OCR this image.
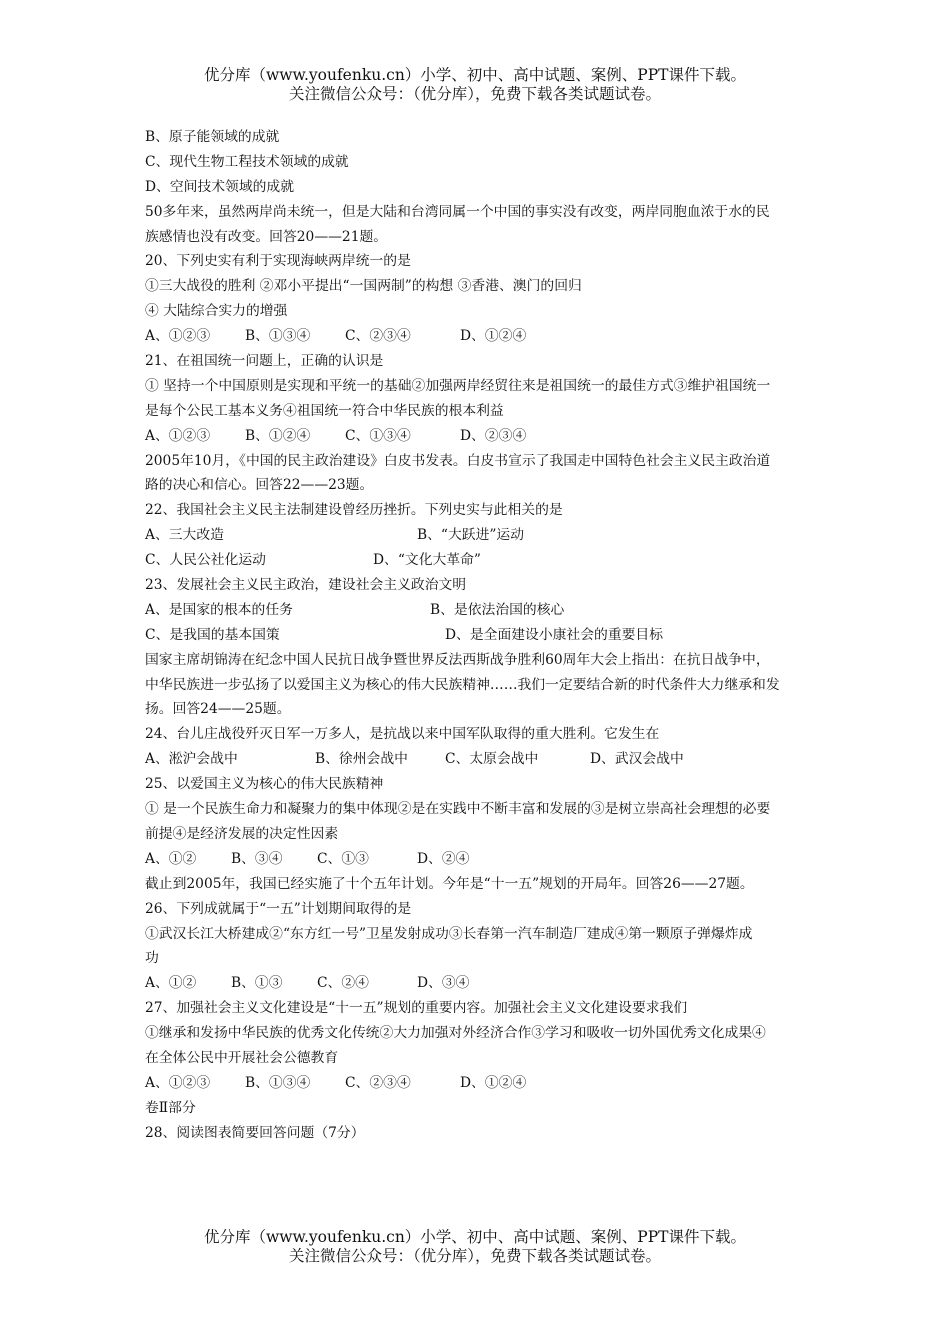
优分库（www.youfenku.cn）小学、初中、高中试题、案例、PPT课件下载。
关注微信公众号：（优分库），免费下载各类试题试卷。
B、原子能领域的成就
C、现代生物工程技术领域的成就
D、空间技术领域的成就
50多年来，虽然两岸尚未统一，但是大陆和台湾同属一个中国的事实没有改变，两岸同胞血浓于水的民
族感情也没有改变。回答20——21题。
20、下列史实有利于实现海峡两岸统一的是
①三大战役的胜利 ②邓小平提出“一国两制”的构想 ③香港、澳门的回归
④ 大陆综合实力的增强
A、①②③	B、①③④	C、②③④	D、①②④
21、在祖国统一问题上，正确的认识是
① 坚持一个中国原则是实现和平统一的基础②加强两岸经贸往来是祖国统一的最佳方式③维护祖国统一
是每个公民工基本义务④祖国统一符合中华民族的根本利益
A、①②③	B、①②④	C、①③④	D、②③④
2005年10月，《中国的民主政治建设》白皮书发表。白皮书宣示了我国走中国特色社会主义民主政治道
路的决心和信心。回答22——23题。
22、我国社会主义民主法制建设曾经历挫折。下列史实与此相关的是
A、三大改造	B、“大跃进”运动
C、人民公社化运动	D、“文化大革命”
23、发展社会主义民主政治，建设社会主义政治文明
A、是国家的根本的任务	B、是依法治国的核心
C、是我国的基本国策	D、是全面建设小康社会的重要目标
国家主席胡锦涛在纪念中国人民抗日战争暨世界反法西斯战争胜利60周年大会上指出：在抗日战争中，
中华民族进一步弘扬了以爱国主义为核心的伟大民族精神……我们一定要结合新的时代条件大力继承和发
扬。回答24——25题。
24、台儿庄战役歼灭日军一万多人，是抗战以来中国军队取得的重大胜利。它发生在
A、淞沪会战中	B、徐州会战中	C、太原会战中	D、武汉会战中
25、以爱国主义为核心的伟大民族精神
① 是一个民族生命力和凝聚力的集中体现②是在实践中不断丰富和发展的③是树立崇高社会理想的必要
前提④是经济发展的决定性因素
A、①②	B、③④	C、①③	D、②④
截止到2005年，我国已经实施了十个五年计划。今年是“十一五”规划的开局年。回答26——27题。
26、下列成就属于“一五”计划期间取得的是
①武汉长江大桥建成②“东方红一号”卫星发射成功③长春第一汽车制造厂建成④第一颗原子弹爆炸成
功
A、①②	B、①③	C、②④	D、③④
27、加强社会主义文化建设是“十一五”规划的重要内容。加强社会主义文化建设要求我们
①继承和发扬中华民族的优秀文化传统②大力加强对外经济合作③学习和吸收一切外国优秀文化成果④
在全体公民中开展社会公德教育
A、①②③	B、①③④	C、②③④	D、①②④
卷Ⅱ部分
28、阅读图表简要回答问题（7分）
优分库（www.youfenku.cn）小学、初中、高中试题、案例、PPT课件下载。
关注微信公众号：（优分库），免费下载各类试题试卷。
